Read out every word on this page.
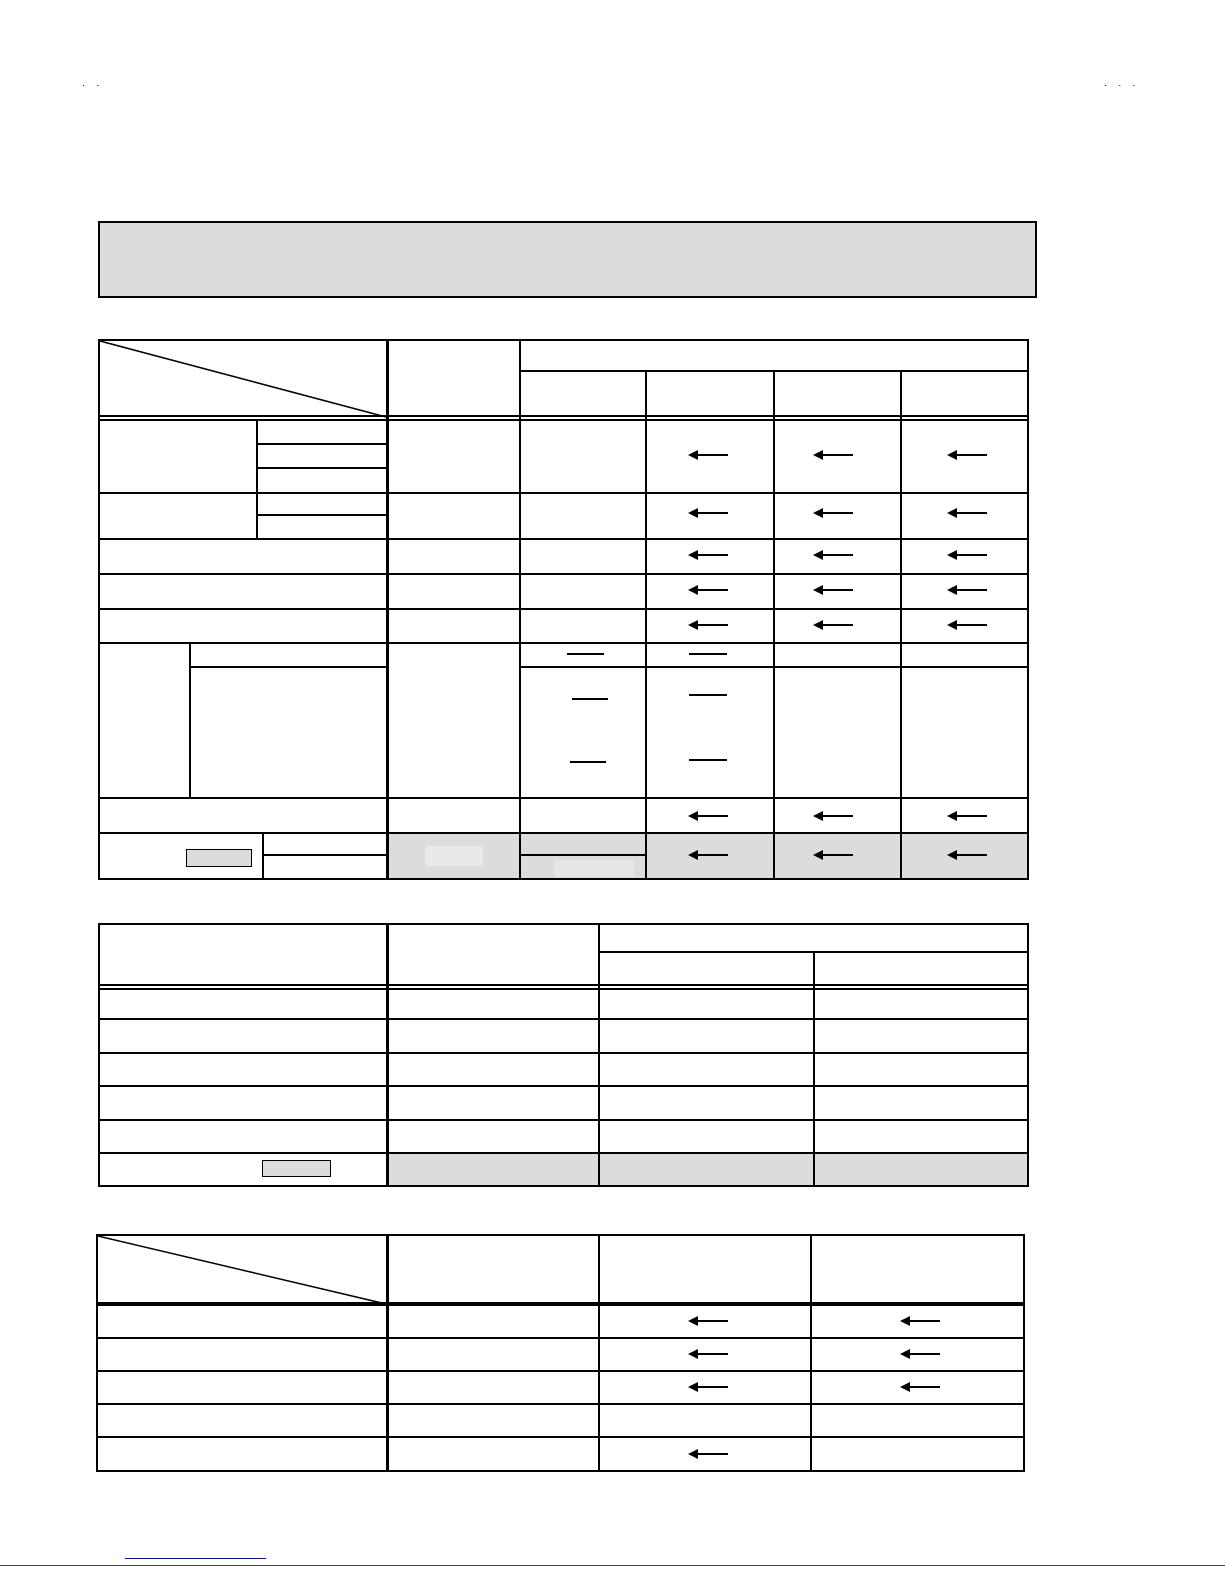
· ·	· · ·
